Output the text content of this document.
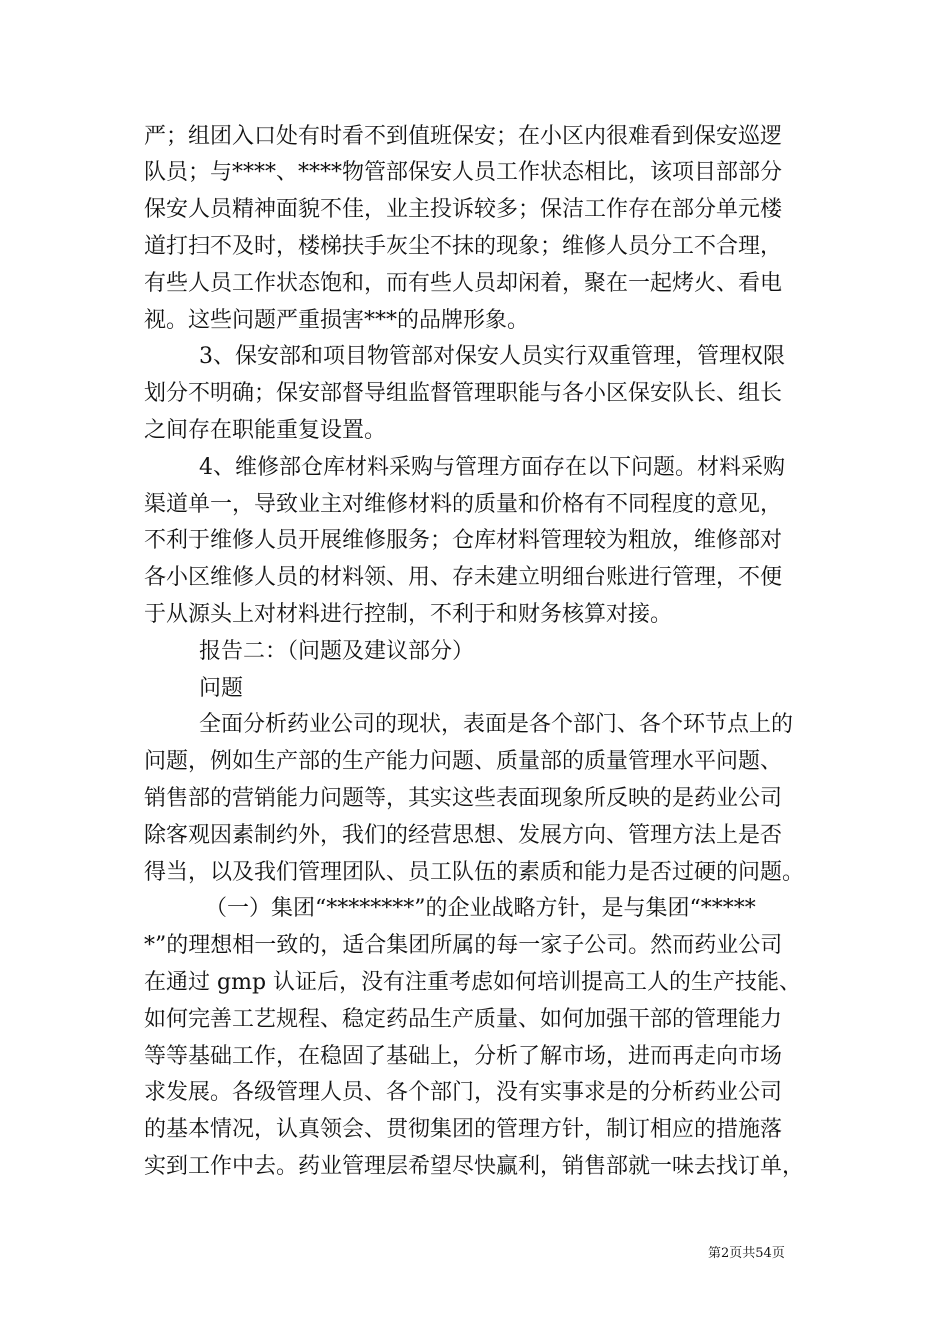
严；组团入口处有时看不到值班保安；在小区内很难看到保安巡逻
队员；与****、****物管部保安人员工作状态相比，该项目部部分
保安人员精神面貌不佳，业主投诉较多；保洁工作存在部分单元楼
道打扫不及时，楼梯扶手灰尘不抹的现象；维修人员分工不合理，
有些人员工作状态饱和，而有些人员却闲着，聚在一起烤火、看电
视。这些问题严重损害***的品牌形象。
3、保安部和项目物管部对保安人员实行双重管理，管理权限
划分不明确；保安部督导组监督管理职能与各小区保安队长、组长
之间存在职能重复设置。
4、维修部仓库材料采购与管理方面存在以下问题。材料采购
渠道单一，导致业主对维修材料的质量和价格有不同程度的意见，
不利于维修人员开展维修服务；仓库材料管理较为粗放，维修部对
各小区维修人员的材料领、用、存未建立明细台账进行管理，不便
于从源头上对材料进行控制，不利于和财务核算对接。
报告二：（问题及建议部分）
问题
全面分析药业公司的现状，表面是各个部门、各个环节点上的
问题，例如生产部的生产能力问题、质量部的质量管理水平问题、
销售部的营销能力问题等，其实这些表面现象所反映的是药业公司
除客观因素制约外，我们的经营思想、发展方向、管理方法上是否
得当，以及我们管理团队、员工队伍的素质和能力是否过硬的问题。
（一）集团“********”的企业战略方针，是与集团“*****
*”的理想相一致的，适合集团所属的每一家子公司。然而药业公司
在通过 gmp 认证后，没有注重考虑如何培训提高工人的生产技能、
如何完善工艺规程、稳定药品生产质量、如何加强干部的管理能力
等等基础工作，在稳固了基础上，分析了解市场，进而再走向市场
求发展。各级管理人员、各个部门，没有实事求是的分析药业公司
的基本情况，认真领会、贯彻集团的管理方针，制订相应的措施落
实到工作中去。药业管理层希望尽快赢利，销售部就一味去找订单，
第2页共54页
